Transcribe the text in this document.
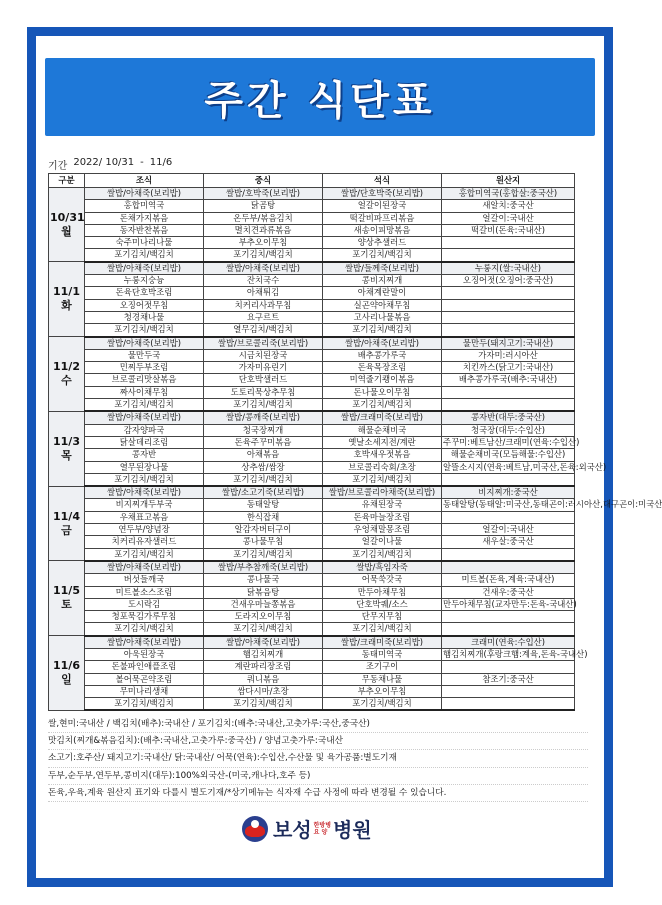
주간 식단표
기간 2022/ 10/31 - 11/6
구분	조식	중식	석식	원산지
10/31
월	쌀밥/아채죽(보리밥)	쌀밥/호박죽(보리밥)	쌀밥/단호박죽(보리밥)	홍합미역국(홍합살:중국산)
	홍합미역국	닭곰탕	얼갈이된장국	새알치:중국산
	돈채가지볶음	온두부/볶음김치	떡갈비파프리볶음	얼갈이:국내산
	동자반찬볶음	멸치견과류볶음	새송이피망볶음	떡갈비(돈육:국내산)
	숙주미나리나물	부추오이무침	양상추샐러드	
	포기김치/백김치	포기김치/백김치	포기김치/백김치	
11/1
화	쌀밥/아채죽(보리밥)	쌀밥/아채죽(보리밥)	쌀밥/들께죽(보리밥)	누룽지(쌀:국내산)
	누룽지숭늉	잔치국수	콩비지찌개	오징어젓(오징어:중국산)
	돈육단호박조림	아채튀김	아채계란말이	
	오징어젓무침	치커리사과무침	실곤약아채무침	
	청경채나물	요구르트	고사리나물볶음	
	포기김치/백김치	열무김치/백김치	포기김치/백김치	
11/2
수	쌀밥/아채죽(보리밥)	쌀밥/브로콜리죽(보리밥)	쌀밥/아채죽(보리밥)	물만두(돼지고기:국내산)
	물만두국	시금치된장국	배추콩가루국	가자미:러시아산
	민찌두부조림	가자미유린기	돈육목장조림	치킨까스(닭고기:국내산)
	브로콜리맛살볶음	단호박샐러드	미역줄기쾡이볶음	배추콩가루국(배추:국내산)
	짜사이채무침	도토리묵상추무침	돈나물오이무침	
	포기김치/백김치	포기김치/백김치	포기김치/백김치	
11/3
목	쌀밥/아채죽(보리밥)	쌀밥/콩깨죽(보리밥)	쌀밥/크래미죽(보리밥)	콩자반(대두:중국산)
	감자양파국	청국장찌개	해물순채비국	청국장(대두:수입산)
	닭살데리조림	돈육주꾸미볶음	옛날소세지전/계란	주꾸미:베트남산/크래미(연육:수입산)
	콩자반	아채볶음	호박새우젓볶음	해물순채비국(모듬해물:수입산)
	열무된장나물	상추쌈/쌈장	브로콜리숙회/초장	알뜰소시지(연육:베트남,미국산,돈육:외국산)
	포기김치/백김치	포기김치/백김치	포기김치/백김치	
11/4
금	쌀밥/아채죽(보리밥)	쌀밥/소고기죽(보리밥)	쌀밥/브로콜리아채죽(보리밥)	비지찌개:중국산
	비지찌개두부국	동태알탕	유채된장국	동태알탕(동태알:미국산,동태곤이:러시아산,대구곤이:미국산
	우채표고볶음	한식잡채	돈육마늘장조림	
	연두부/양념장	알감자버터구이	우엉채말몽조림	얼갈이:국내산
	치커리유자샐러드	콩나물무침	얼갈이나물	새우살:중국산
	포기김치/백김치	포기김치/백김치	포기김치/백김치	
11/5
토	쌀밥/아채죽(보리밥)	쌀밥/부추참깨죽(보리밥)	쌀밥/흑임자죽	
	버섯들깨국	콩나물국	어묵쑥갓국	미트볼(돈육,계육:국내산)
	미트볼소스조림	닭볶음탕	만두아채무침	건새우:중국산
	도시락김	건새우마늘쫑볶음	단호박퀘/소스	만두아채무침(교자만두:돈육-국내산)
	청포묵김가루무침	도라지오이무침	단무지무침	
	포기김치/백김치	포기김치/백김치	포기김치/백김치	
11/6
일	쌀밥/아채죽(보리밥)	쌀밥/아채죽(보리밥)	쌀밥/크래미죽(보리밥)	크래미(연육:수입산)
	아욱된장국	햄김치찌개	동태미역국	햄김치찌개(후랑크햄:계육,돈육-국내산)
	돈불파인애플조림	계란파리장조림	조기구이	
	볼어묵곤약조림	쿼니볶음	무동채나물	참조기:중국산
	무미나리생채	쌈다시마/초장	부추오이무침	
	포기김치/백김치	포기김치/백김치	포기김치/백김치	
쌀,현미:국내산 / 백김치(배추):국내산 / 포기김치:(배추:국내산,고춧가루:국산,중국산)
맛김치(찌개&볶음김치):(배추:국내산,고춧가루:중국산) / 양념고춧가루:국내산
소고기:호주산/ 돼지고기:국내산/ 닭:국내산/ 어묵(연육):수입산,수산물 및 육가공품:별도기재
두부,순두부,연두부,콩비지(대두):100%외국산-(미국,캐나다,호주 등)
돈육,우육,계육 원산지 표기와 다를시 별도기재/*상기메뉴는 식자재 수급 사정에 따라 변경될 수 있습니다.
보성 한방병
요 양 병원
